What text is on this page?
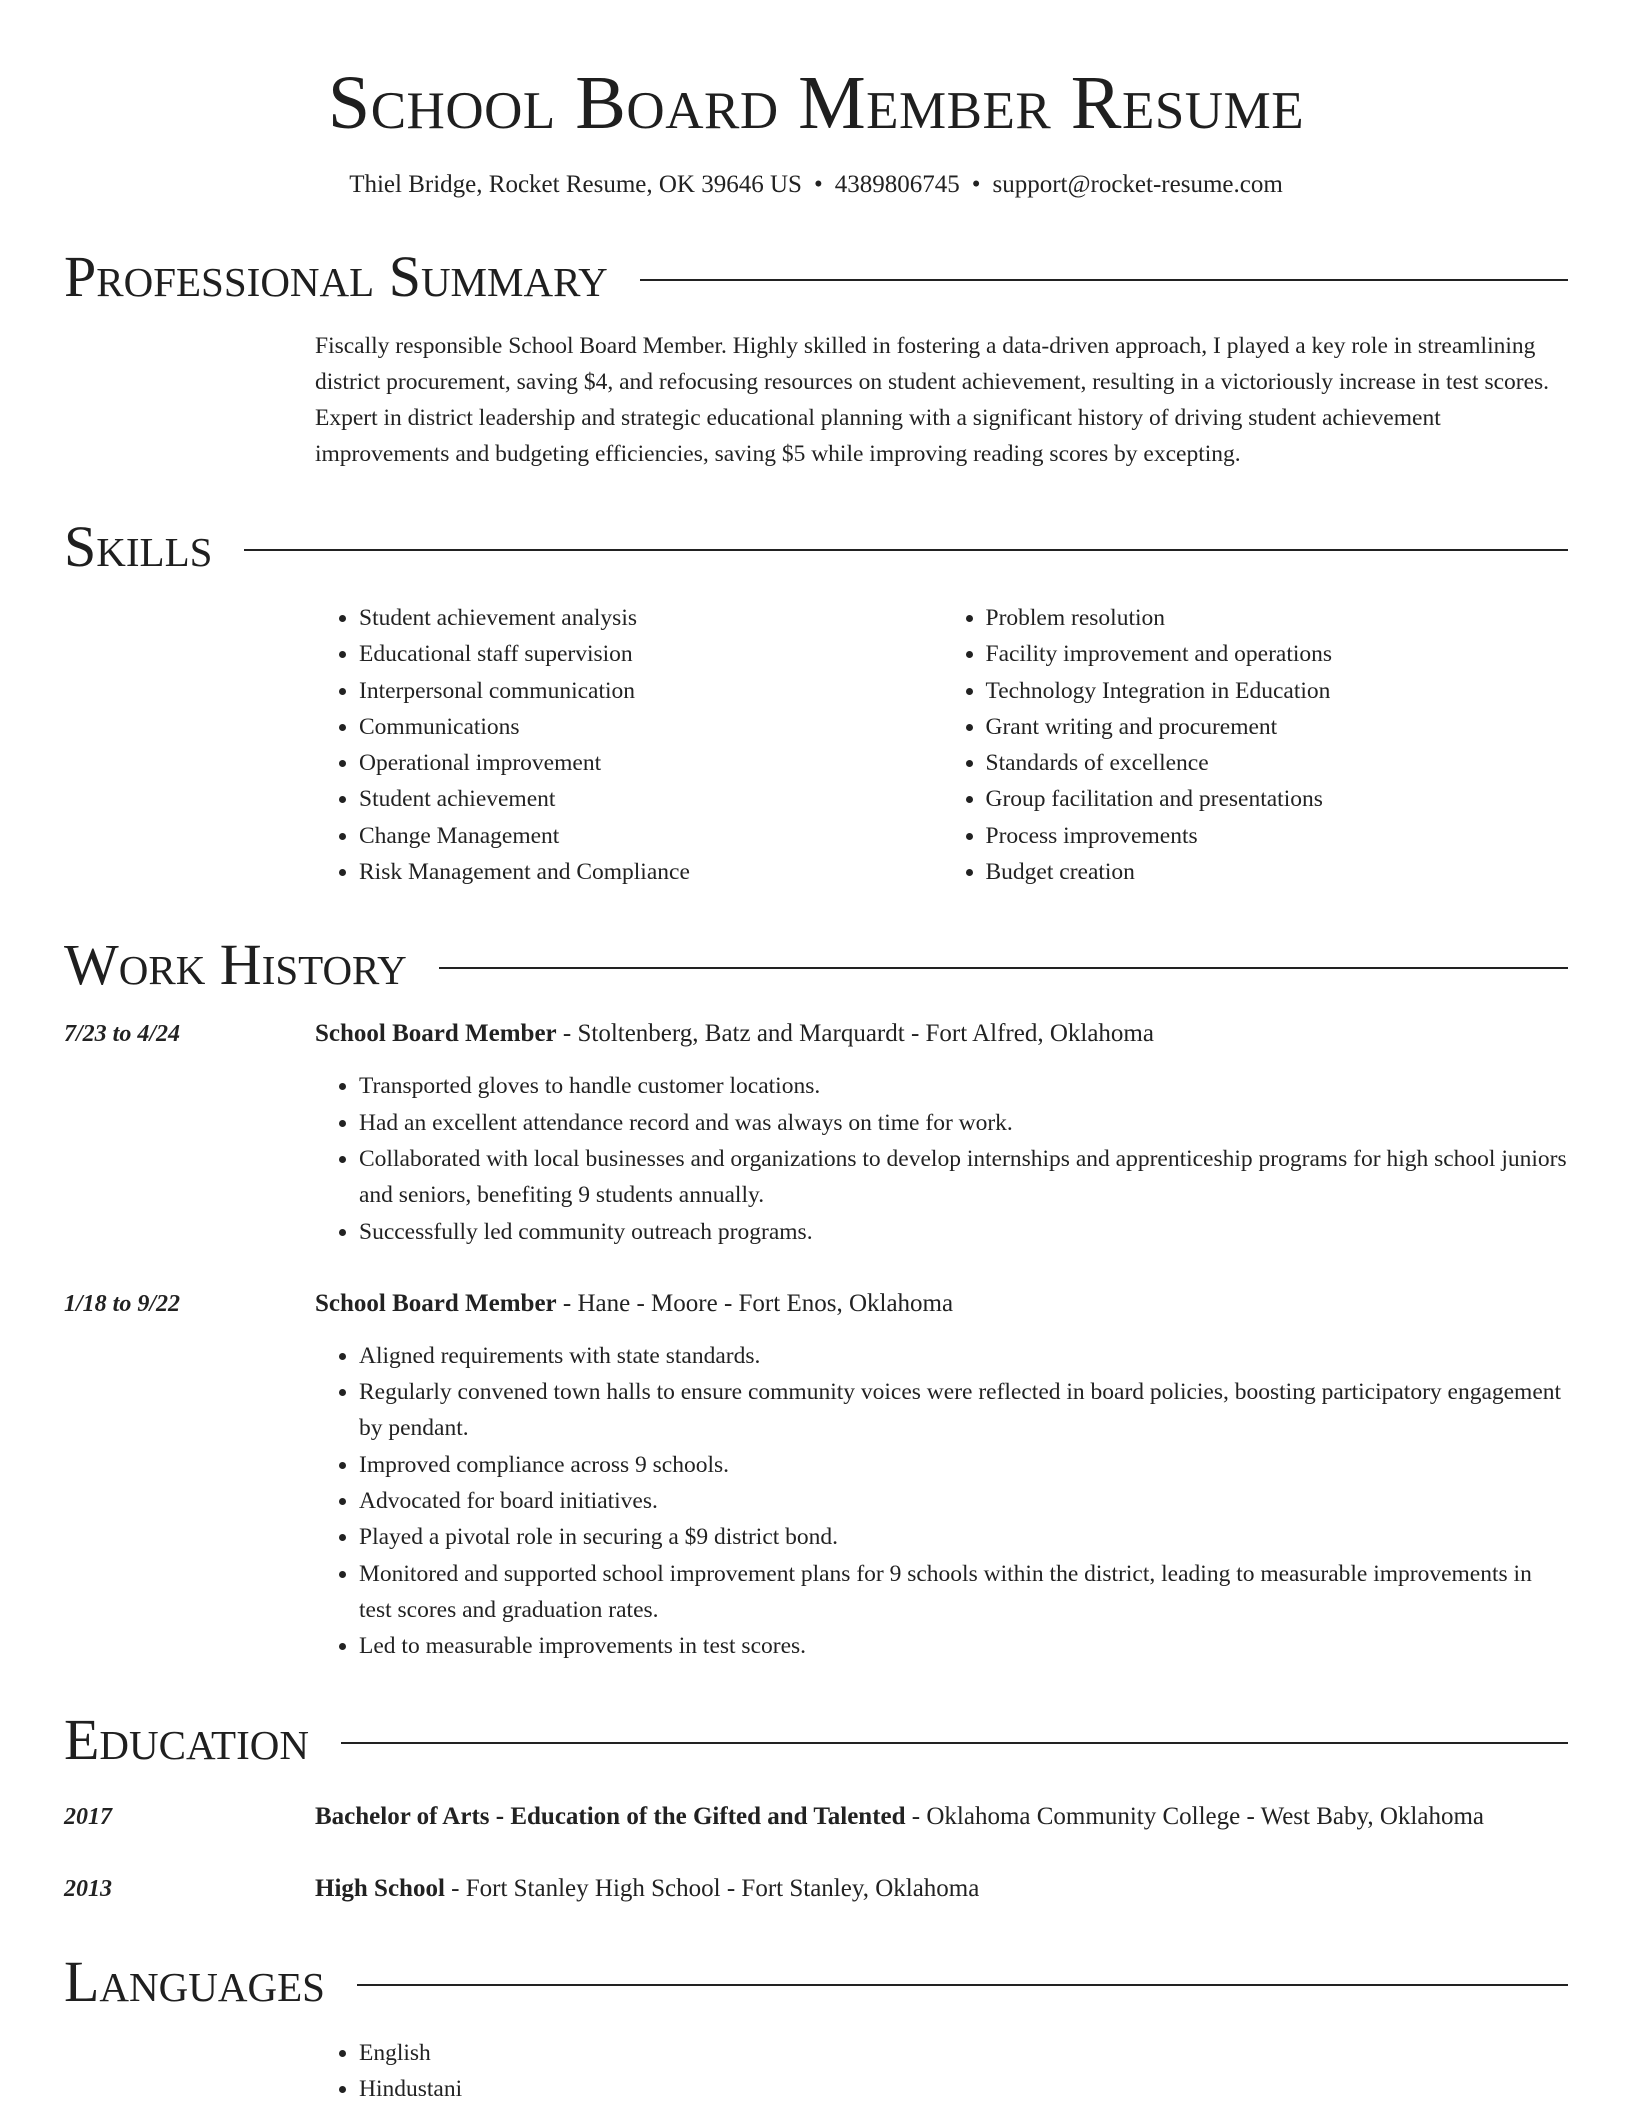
School Board Member Resume
Thiel Bridge, Rocket Resume, OK 39646 US • 4389806745 • support@rocket-resume.com
Professional Summary
Fiscally responsible School Board Member. Highly skilled in fostering a data-driven approach, I played a key role in streamlining district procurement, saving $4, and refocusing resources on student achievement, resulting in a victoriously increase in test scores. Expert in district leadership and strategic educational planning with a significant history of driving student achievement improvements and budgeting efficiencies, saving $5 while improving reading scores by excepting.
Skills
• Student achievement analysis
• Educational staff supervision
• Interpersonal communication
• Communications
• Operational improvement
• Student achievement
• Change Management
• Risk Management and Compliance
• Problem resolution
• Facility improvement and operations
• Technology Integration in Education
• Grant writing and procurement
• Standards of excellence
• Group facilitation and presentations
• Process improvements
• Budget creation
Work History
7/23 to 4/24	School Board Member - Stoltenberg, Batz and Marquardt - Fort Alfred, Oklahoma
• Transported gloves to handle customer locations.
• Had an excellent attendance record and was always on time for work.
• Collaborated with local businesses and organizations to develop internships and apprenticeship programs for high school juniors and seniors, benefiting 9 students annually.
• Successfully led community outreach programs.
1/18 to 9/22	School Board Member - Hane - Moore - Fort Enos, Oklahoma
• Aligned requirements with state standards.
• Regularly convened town halls to ensure community voices were reflected in board policies, boosting participatory engagement by pendant.
• Improved compliance across 9 schools.
• Advocated for board initiatives.
• Played a pivotal role in securing a $9 district bond.
• Monitored and supported school improvement plans for 9 schools within the district, leading to measurable improvements in test scores and graduation rates.
• Led to measurable improvements in test scores.
Education
2017	Bachelor of Arts - Education of the Gifted and Talented - Oklahoma Community College - West Baby, Oklahoma
2013	High School - Fort Stanley High School - Fort Stanley, Oklahoma
Languages
• English
• Hindustani
